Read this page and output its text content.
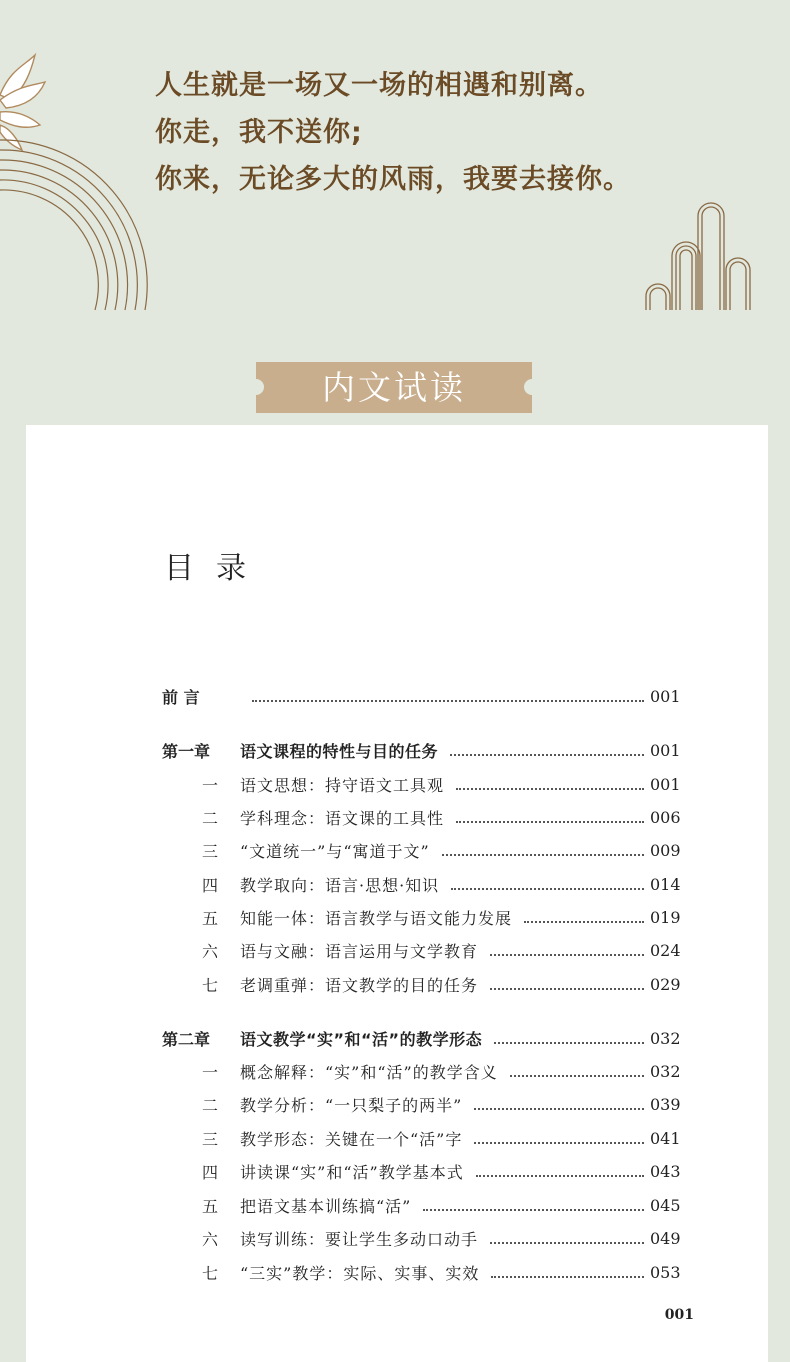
人生就是一场又一场的相遇和别离。
你走，我不送你;
你来，无论多大的风雨，我要去接你。
内文试读
目录
前 言	001
第一章	语文课程的特性与目的任务	001
一	语文思想：持守语文工具观	001
二	学科理念：语文课的工具性	006
三	“文道统一”与“寓道于文”	009
四	教学取向：语言·思想·知识	014
五	知能一体：语言教学与语文能力发展	019
六	语与文融：语言运用与文学教育	024
七	老调重弹：语文教学的目的任务	029
第二章	语文教学“实”和“活”的教学形态	032
一	概念解释：“实”和“活”的教学含义	032
二	教学分析：“一只梨子的两半”	039
三	教学形态：关键在一个“活”字	041
四	讲读课“实”和“活”教学基本式	043
五	把语文基本训练搞“活”	045
六	读写训练：要让学生多动口动手	049
七	“三实”教学：实际、实事、实效	053
001
